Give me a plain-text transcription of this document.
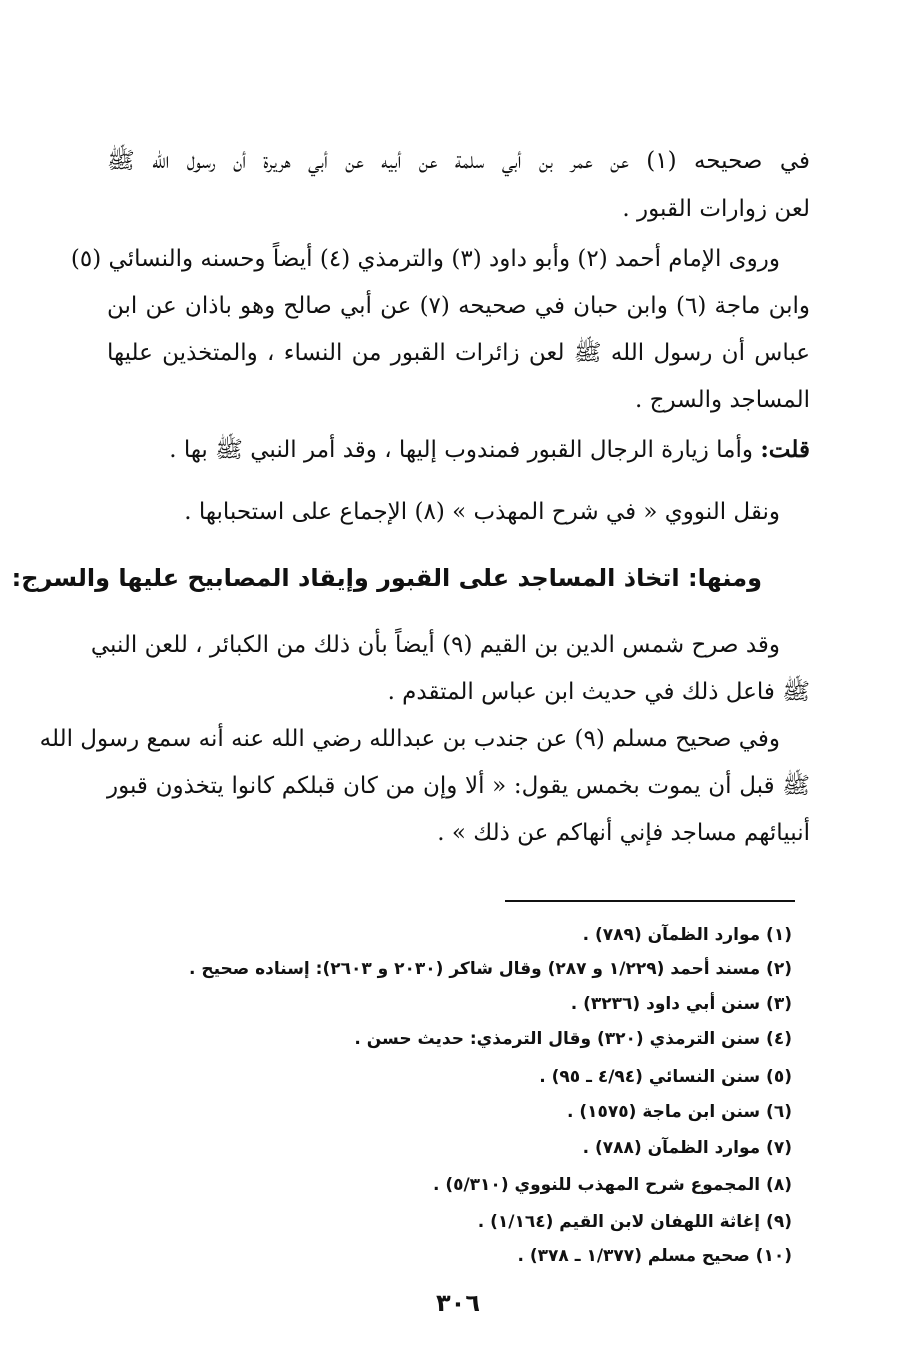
في صحيحه (١) عن عمر بن أبي سلمة عن أبيه عن أبي هريرة أن رسول الله ﷺ
لعن زوارات القبور .
وروى الإمام أحمد (٢) وأبو داود (٣) والترمذي (٤) أيضاً وحسنه والنسائي (٥)
وابن ماجة (٦) وابن حبان في صحيحه (٧) عن أبي صالح وهو باذان عن ابن
عباس أن رسول الله ﷺ لعن زائرات القبور من النساء ، والمتخذين عليها
المساجد والسرج .
قلت: وأما زيارة الرجال القبور فمندوب إليها ، وقد أمر النبي ﷺ بها .
ونقل النووي « في شرح المهذب » (٨) الإجماع على استحبابها .
ومنها: اتخاذ المساجد على القبور وإيقاد المصابيح عليها والسرج:
وقد صرح شمس الدين بن القيم (٩) أيضاً بأن ذلك من الكبائر ، للعن النبي
ﷺ فاعل ذلك في حديث ابن عباس المتقدم .
وفي صحيح مسلم (٩) عن جندب بن عبدالله رضي الله عنه أنه سمع رسول الله
ﷺ قبل أن يموت بخمس يقول: « ألا وإن من كان قبلكم كانوا يتخذون قبور
أنبيائهم مساجد فإني أنهاكم عن ذلك » .
(١) موارد الظمآن (٧٨٩) .
(٢) مسند أحمد (١/٢٢٩ و ٢٨٧) وقال شاكر (٢٠٣٠ و ٢٦٠٣): إسناده صحيح .
(٣) سنن أبي داود (٣٢٣٦) .
(٤) سنن الترمذي (٣٢٠) وقال الترمذي: حديث حسن .
(٥) سنن النسائي (٤/٩٤ ـ ٩٥) .
(٦) سنن ابن ماجة (١٥٧٥) .
(٧) موارد الظمآن (٧٨٨) .
(٨) المجموع شرح المهذب للنووي (٥/٣١٠) .
(٩) إغاثة اللهفان لابن القيم (١/١٦٤) .
(١٠) صحيح مسلم (١/٣٧٧ ـ ٣٧٨) .
٣٠٦
